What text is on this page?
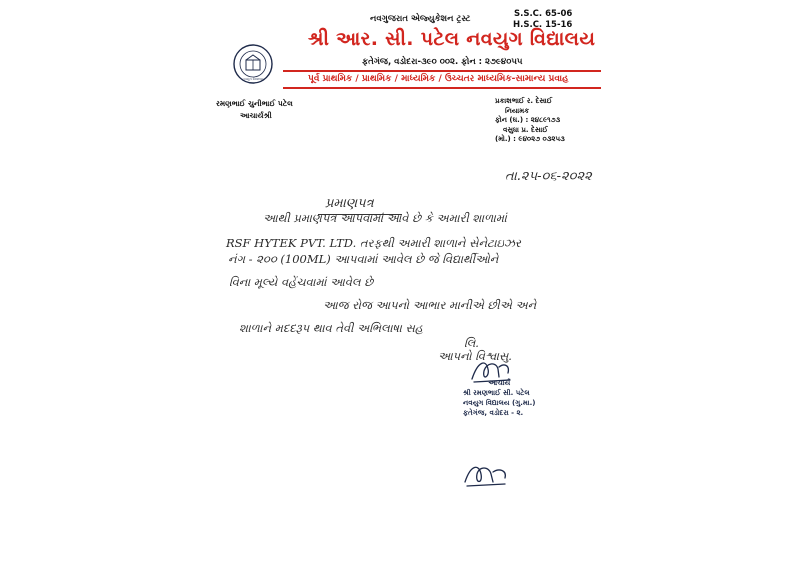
નવગુજરાત એજ્યુકેશન ટ્રસ્ટ	S.S.C. 65-06
H.S.C. 15-16
શ્રી આર. સી. પટેલ નવયુગ વિદ્યાલય
ફતેગંજ, વડોદરા-૩૯૦ ૦૦૨. ફોન : ૨૭૯૪૦૫૫
નવયુગ વિદ્યાલય	પૂર્વ પ્રાથમિક / પ્રાથમિક / માધ્યમિક / ઉચ્ચતર માધ્યમિક-સામાન્ય પ્રવાહ
રમણભાઈ ચુનીભાઈ પટેલ
આચાર્યશ્રી
પ્રકાશભાઈ ર. દેસાઈ
નિયામક
ફોન (ઘ.) : ૨૪૮૯૧૭૩
વસુધા પ્ર. દેસાઈ
(મો.) : ૯૪૦૨૭ ૦૩૨૫૩
તા.૨૫-૦૬-૨૦૨૨
પ્રમાણપત્ર
આથી પ્રમાણપત્ર આપવામાં આવે છે કે અમારી શાળામાં
RSF HYTEK PVT. LTD. તરફથી અમારી શાળાને સેનેટાઇઝર
નંગ - ૨૦૦ (100ML) આપવામાં આવેલ છે જે વિદ્યાર્થીઓને
વિના મૂલ્યે વહેંચવામાં આવેલ છે
આજ રોજ આપનો આભાર માનીએ છીએ અને
શાળાને મદદરૂપ થાવ તેવી અભિલાષા સહ
લિ.
આપનો વિશ્વાસુ.
આચાર્ય
શ્રી રમણભાઈ સી. પટેલ
નવયુગ વિદ્યાલય (ગુ.મા.)
ફતેગંજ, વડોદરા - ૨.
